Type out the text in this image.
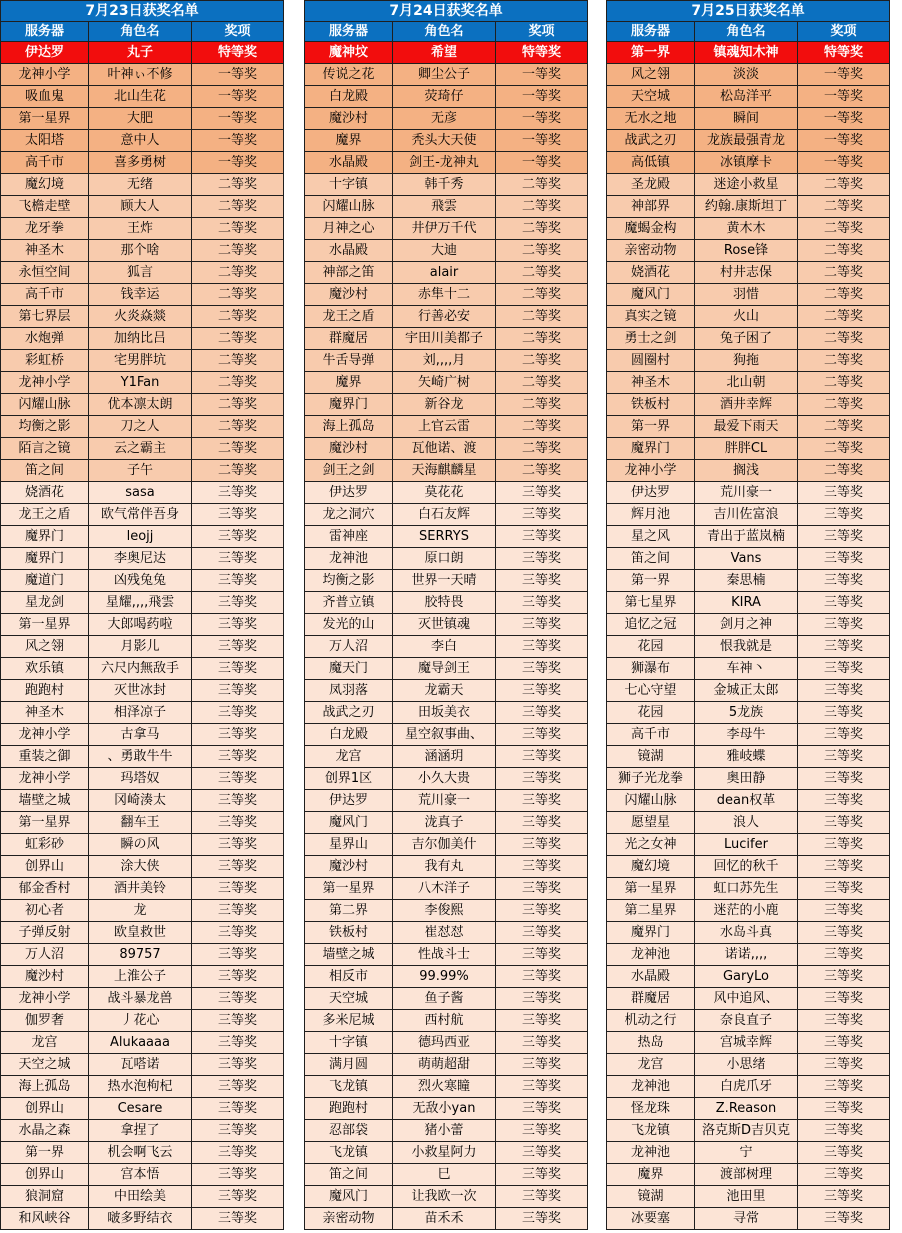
7月23日获奖名单		
服务器	角色名	奖项
伊达罗	丸子	特等奖
龙神小学	叶神ぃ不修	一等奖
吸血鬼	北山生花	一等奖
第一星界	大肥	一等奖
太阳塔	意中人	一等奖
高千市	喜多勇树	一等奖
魔幻境	无绪	二等奖
飞檐走壁	顾大人	二等奖
龙牙拳	王炸	二等奖
神圣木	那个啥	二等奖
永恒空间	狐言	二等奖
高千市	钱幸运	二等奖
第七界层	火炎焱燚	二等奖
水炮弹	加纳比吕	二等奖
彩虹桥	宅男胖坑	二等奖
龙神小学	Y1Fan	二等奖
闪耀山脉	优本凛太朗	二等奖
均衡之影	刀之人	二等奖
陌言之镜	云之霸主	二等奖
笛之间	子午	二等奖
娆酒花	sasa	三等奖
龙王之盾	欧气常伴吾身	三等奖
魔界门	leojj	三等奖
魔界门	李奥尼达	三等奖
魔道门	凶残兔兔	三等奖
星龙剑	星耀,,,,飛雲	三等奖
第一星界	大郎喝药啦	三等奖
风之翎	月影儿	三等奖
欢乐镇	六尺内無敌手	三等奖
跑跑村	灭世冰封	三等奖
神圣木	相泽凉子	三等奖
龙神小学	古拿马	三等奖
重装之御	、勇敢牛牛	三等奖
龙神小学	玛塔奴	三等奖
墙壁之城	冈崎湊太	三等奖
第一星界	翻车王	三等奖
虹彩砂	瞬の风	三等奖
创界山	涂大侠	三等奖
郁金香村	酒井美铃	三等奖
初心者	龙	三等奖
子弹反射	欧皇救世	三等奖
万人沼	89757	三等奖
魔沙村	上淮公子	三等奖
龙神小学	战斗暴龙兽	三等奖
伽罗奢	丿花心	三等奖
龙宫	Alukaaaa	三等奖
天空之城	瓦嗒诺	三等奖
海上孤岛	热水泡枸杞	三等奖
创界山	Cesare	三等奖
水晶之森	拿捏了	三等奖
第一界	机会啊飞云	三等奖
创界山	宫本悟	三等奖
狼洞窟	中田绘美	三等奖
和风峡谷	啵多野结衣	三等奖
7月24日获奖名单		
服务器	角色名	奖项
魔神坟	希望	特等奖
传说之花	卿尘公子	一等奖
白龙殿	荧琦仔	一等奖
魔沙村	无彦	一等奖
魔界	秃头大天使	一等奖
水晶殿	剑王-龙神丸	一等奖
十字镇	韩千秀	二等奖
闪耀山脉	飛雲	二等奖
月神之心	井伊万千代	二等奖
水晶殿	大迪	二等奖
神部之笛	alair	二等奖
魔沙村	赤隼十二	二等奖
龙王之盾	行善必安	二等奖
群魔居	宇田川美都子	二等奖
牛舌导弹	刘,,,,月	二等奖
魔界	矢崎广树	二等奖
魔界门	新谷龙	二等奖
海上孤岛	上官云雷	二等奖
魔沙村	瓦他诺、渡	二等奖
剑王之剑	天海麒麟星	二等奖
伊达罗	莫花花	三等奖
龙之洞穴	白石友辉	三等奖
雷神座	SERRYS	三等奖
龙神池	原口朗	三等奖
均衡之影	世界一天晴	三等奖
齐普立镇	胶特畏	三等奖
发光的山	灭世镇魂	三等奖
万人沼	李白	三等奖
魔天门	魔导剑王	三等奖
凤羽落	龙霸天	三等奖
战武之刃	田坂美衣	三等奖
白龙殿	星空叙事曲、	三等奖
龙宫	涵涵玥	三等奖
创界1区	小久大贵	三等奖
伊达罗	荒川豪一	三等奖
魔风门	泷真子	三等奖
星界山	吉尔伽美什	三等奖
魔沙村	我有丸	三等奖
第一星界	八木洋子	三等奖
第二界	李俊熙	三等奖
铁板村	崔怼怼	三等奖
墙壁之城	性战斗士	三等奖
相反市	99.99%	三等奖
天空城	鱼子酱	三等奖
多米尼城	西村航	三等奖
十字镇	德玛西亚	三等奖
满月圆	萌萌超甜	三等奖
飞龙镇	烈火寒瞳	三等奖
跑跑村	无敌小yan	三等奖
忍部袋	猪小蕾	三等奖
飞龙镇	小救星阿力	三等奖
笛之间	巳	三等奖
魔风门	让我欧一次	三等奖
亲密动物	苗禾禾	三等奖
7月25日获奖名单		
服务器	角色名	奖项
第一界	镇魂知木神	特等奖
风之翎	淡淡	一等奖
天空城	松岛洋平	一等奖
无水之地	瞬间	一等奖
战武之刃	龙族最强青龙	一等奖
高低镇	冰镇摩卡	一等奖
圣龙殿	迷途小救星	二等奖
神部界	约翰.康斯坦丁	二等奖
魔蝎金构	黄木木	二等奖
亲密动物	Rose锋	二等奖
娆酒花	村井志保	二等奖
魔风门	羽惜	二等奖
真实之镜	火山	二等奖
勇士之剑	兔子困了	二等奖
圆圈村	狗拖	二等奖
神圣木	北山朝	二等奖
铁板村	酒井幸辉	二等奖
第一界	最爱下雨天	二等奖
魔界门	胖胖CL	二等奖
龙神小学	搁浅	二等奖
伊达罗	荒川豪一	三等奖
辉月池	吉川佐富浪	三等奖
星之风	青出于蓝岚楠	三等奖
笛之间	Vans	三等奖
第一界	秦思楠	三等奖
第七星界	KIRA	三等奖
追忆之冠	剑月之神	三等奖
花园	恨我就是	三等奖
狮瀑布	车神丶	三等奖
七心守望	金城正太郎	三等奖
花园	5龙族	三等奖
高千市	李母牛	三等奖
镜湖	雅岐蝶	三等奖
狮子光龙拳	奥田静	三等奖
闪耀山脉	dean权革	三等奖
愿望星	浪人	三等奖
光之女神	Lucifer	三等奖
魔幻境	回忆的秋千	三等奖
第一星界	虹口苏先生	三等奖
第二星界	迷茫的小鹿	三等奖
魔界门	水岛斗真	三等奖
龙神池	诺诺,,,,	三等奖
水晶殿	GaryLo	三等奖
群魔居	风中追风、	三等奖
机动之行	奈良直子	三等奖
热岛	宫城幸辉	三等奖
龙宫	小思绪	三等奖
龙神池	白虎爪牙	三等奖
怪龙珠	Z.Reason	三等奖
飞龙镇	洛克斯D吉贝克	三等奖
龙神池	宁	三等奖
魔界	渡部树理	三等奖
镜湖	池田里	三等奖
冰要塞	寻常	三等奖
